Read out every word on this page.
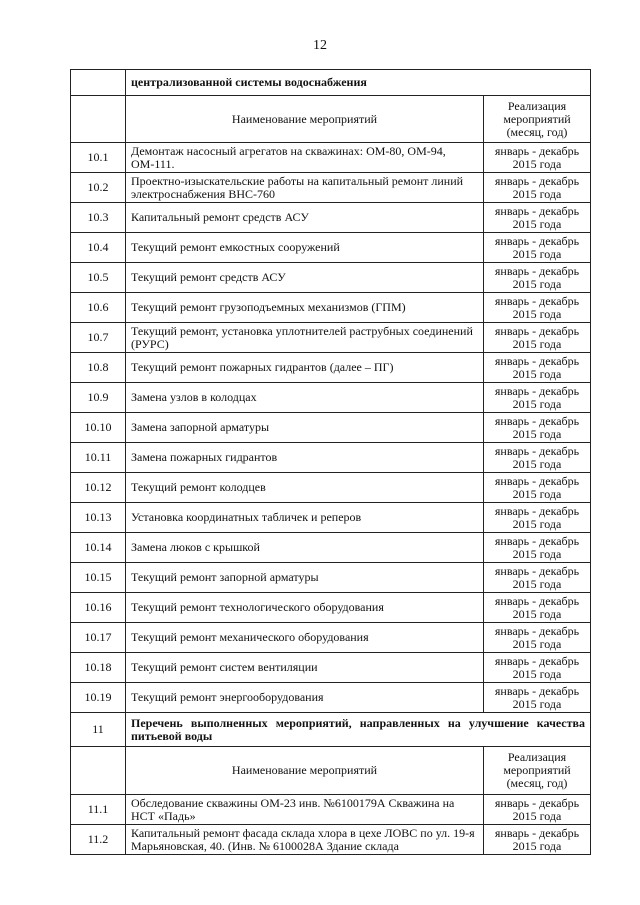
12
	централизованной системы водоснабжения	
	Наименование мероприятий	Реализация мероприятий (месяц, год)
10.1	Демонтаж насосный агрегатов на скважинах: ОМ-80, ОМ-94, ОМ-111.	январь - декабрь 2015 года
10.2	Проектно-изыскательские работы на капитальный ремонт линий электроснабжения ВНС-760	январь - декабрь 2015 года
10.3	Капитальный ремонт средств АСУ	январь - декабрь 2015 года
10.4	Текущий ремонт емкостных сооружений	январь - декабрь 2015 года
10.5	Текущий ремонт средств АСУ	январь - декабрь 2015 года
10.6	Текущий ремонт грузоподъемных механизмов (ГПМ)	январь - декабрь 2015 года
10.7	Текущий ремонт, установка уплотнителей раструбных соединений (РУРС)	январь - декабрь 2015 года
10.8	Текущий ремонт пожарных гидрантов (далее – ПГ)	январь - декабрь 2015 года
10.9	Замена узлов в колодцах	январь - декабрь 2015 года
10.10	Замена запорной арматуры	январь - декабрь 2015 года
10.11	Замена пожарных гидрантов	январь - декабрь 2015 года
10.12	Текущий ремонт колодцев	январь - декабрь 2015 года
10.13	Установка координатных табличек и реперов	январь - декабрь 2015 года
10.14	Замена люков с крышкой	январь - декабрь 2015 года
10.15	Текущий ремонт запорной арматуры	январь - декабрь 2015 года
10.16	Текущий ремонт технологического оборудования	январь - декабрь 2015 года
10.17	Текущий ремонт механического оборудования	январь - декабрь 2015 года
10.18	Текущий ремонт систем вентиляции	январь - декабрь 2015 года
10.19	Текущий ремонт энергооборудования	январь - декабрь 2015 года
11	Перечень выполненных мероприятий, направленных на улучшение качества питьевой воды	
	Наименование мероприятий	Реализация мероприятий (месяц, год)
11.1	Обследование скважины ОМ-23 инв. №6100179А Скважина на НСТ «Падь»	январь - декабрь 2015 года
11.2	Капитальный ремонт фасада склада хлора в цехе ЛОВС по ул. 19-я Марьяновская, 40. (Инв. № 6100028А Здание склада	январь - декабрь 2015 года
